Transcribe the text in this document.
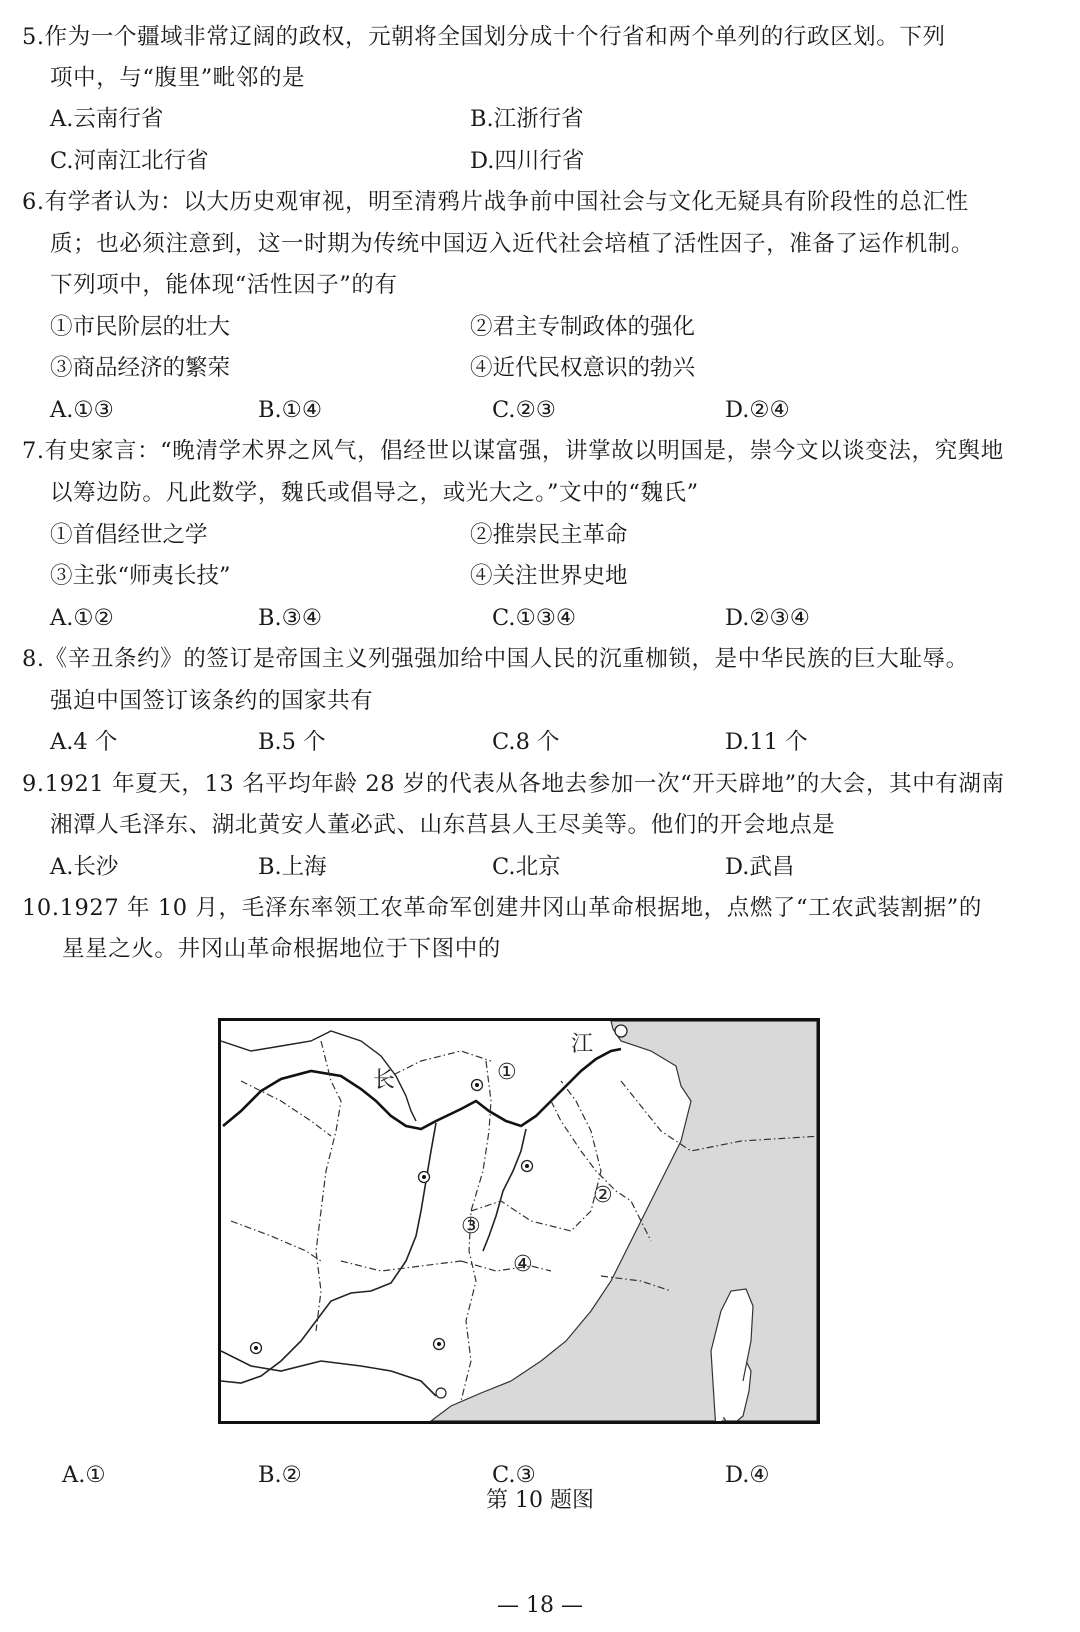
5.作为一个疆域非常辽阔的政权，元朝将全国划分成十个行省和两个单列的行政区划。下列
项中，与“腹里”毗邻的是
A.云南行省	B.江浙行省
C.河南江北行省	D.四川行省
6.有学者认为：以大历史观审视，明至清鸦片战争前中国社会与文化无疑具有阶段性的总汇性
质；也必须注意到，这一时期为传统中国迈入近代社会培植了活性因子，准备了运作机制。
下列项中，能体现“活性因子”的有
①市民阶层的壮大	②君主专制政体的强化
③商品经济的繁荣	④近代民权意识的勃兴
A.①③	B.①④	C.②③	D.②④
7.有史家言：“晚清学术界之风气，倡经世以谋富强，讲掌故以明国是，崇今文以谈变法，究舆地
以筹边防。凡此数学，魏氏或倡导之，或光大之。”文中的“魏氏”
①首倡经世之学	②推崇民主革命
③主张“师夷长技”	④关注世界史地
A.①②	B.③④	C.①③④	D.②③④
8.《辛丑条约》的签订是帝国主义列强强加给中国人民的沉重枷锁，是中华民族的巨大耻辱。
强迫中国签订该条约的国家共有
A.4 个	B.5 个	C.8 个	D.11 个
9.1921 年夏天，13 名平均年龄 28 岁的代表从各地去参加一次“开天辟地”的大会，其中有湖南
湘潭人毛泽东、湖北黄安人董必武、山东莒县人王尽美等。他们的开会地点是
A.长沙	B.上海	C.北京	D.武昌
10.1927 年 10 月，毛泽东率领工农革命军创建井冈山革命根据地，点燃了“工农武装割据”的
星星之火。井冈山革命根据地位于下图中的
长
江
①
②
③
④
第 10 题图
A.①	B.②	C.③	D.④
— 18 —
